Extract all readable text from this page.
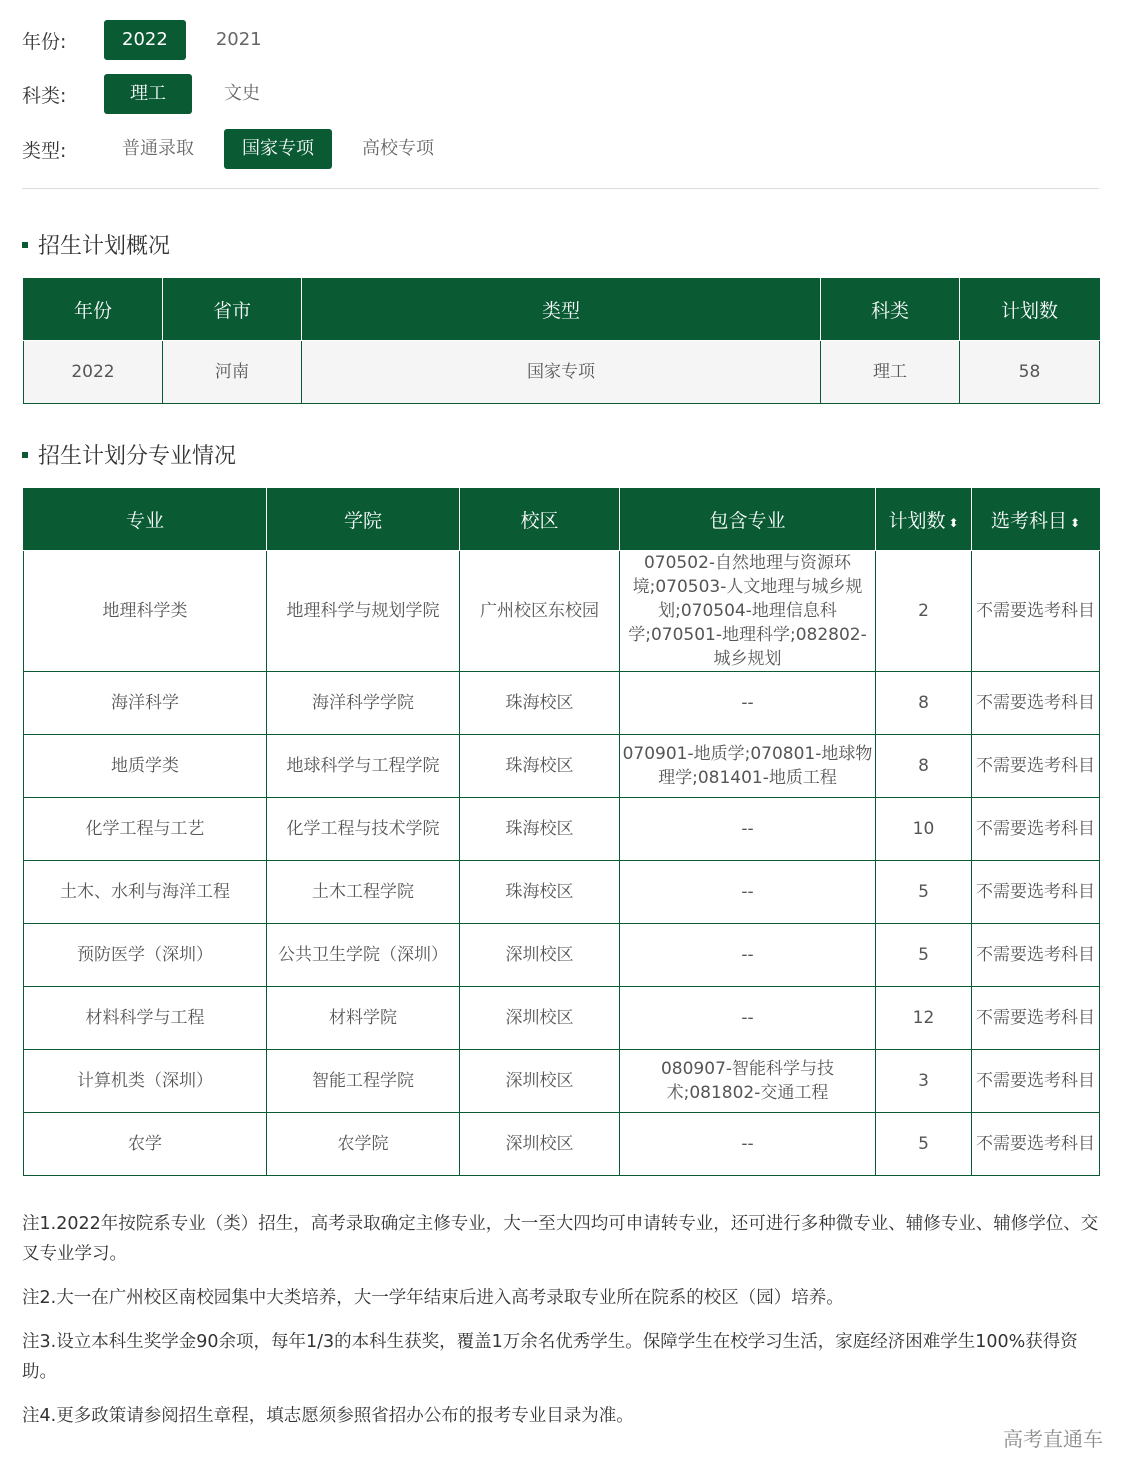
年份:	2022	2021
科类:	理工	文史
类型:	普通录取	国家专项	高校专项
招生计划概况
年份	省市	类型	科类	计划数
2022	河南	国家专项	理工	58
招生计划分专业情况
专业	学院	校区	包含专业	计划数 ⬍	选考科目 ⬍
地理科学类	地理科学与规划学院	广州校区东校园	070502-自然地理与资源环境;070503-人文地理与城乡规划;070504-地理信息科学;070501-地理科学;082802-城乡规划	2	不需要选考科目
海洋科学	海洋科学学院	珠海校区	--	8	不需要选考科目
地质学类	地球科学与工程学院	珠海校区	070901-地质学;070801-地球物理学;081401-地质工程	8	不需要选考科目
化学工程与工艺	化学工程与技术学院	珠海校区	--	10	不需要选考科目
土木、水利与海洋工程	土木工程学院	珠海校区	--	5	不需要选考科目
预防医学（深圳）	公共卫生学院（深圳）	深圳校区	--	5	不需要选考科目
材料科学与工程	材料学院	深圳校区	--	12	不需要选考科目
计算机类（深圳）	智能工程学院	深圳校区	080907-智能科学与技术;081802-交通工程	3	不需要选考科目
农学	农学院	深圳校区	--	5	不需要选考科目

注1.2022年按院系专业（类）招生，高考录取确定主修专业，大一至大四均可申请转专业，还可进行多种微专业、辅修专业、辅修学位、交叉专业学习。

注2.大一在广州校区南校园集中大类培养，大一学年结束后进入高考录取专业所在院系的校区（园）培养。

注3.设立本科生奖学金90余项，每年1/3的本科生获奖，覆盖1万余名优秀学生。保障学生在校学习生活，家庭经济困难学生100%获得资助。

注4.更多政策请参阅招生章程，填志愿须参照省招办公布的报考专业目录为准。

高考直通车
